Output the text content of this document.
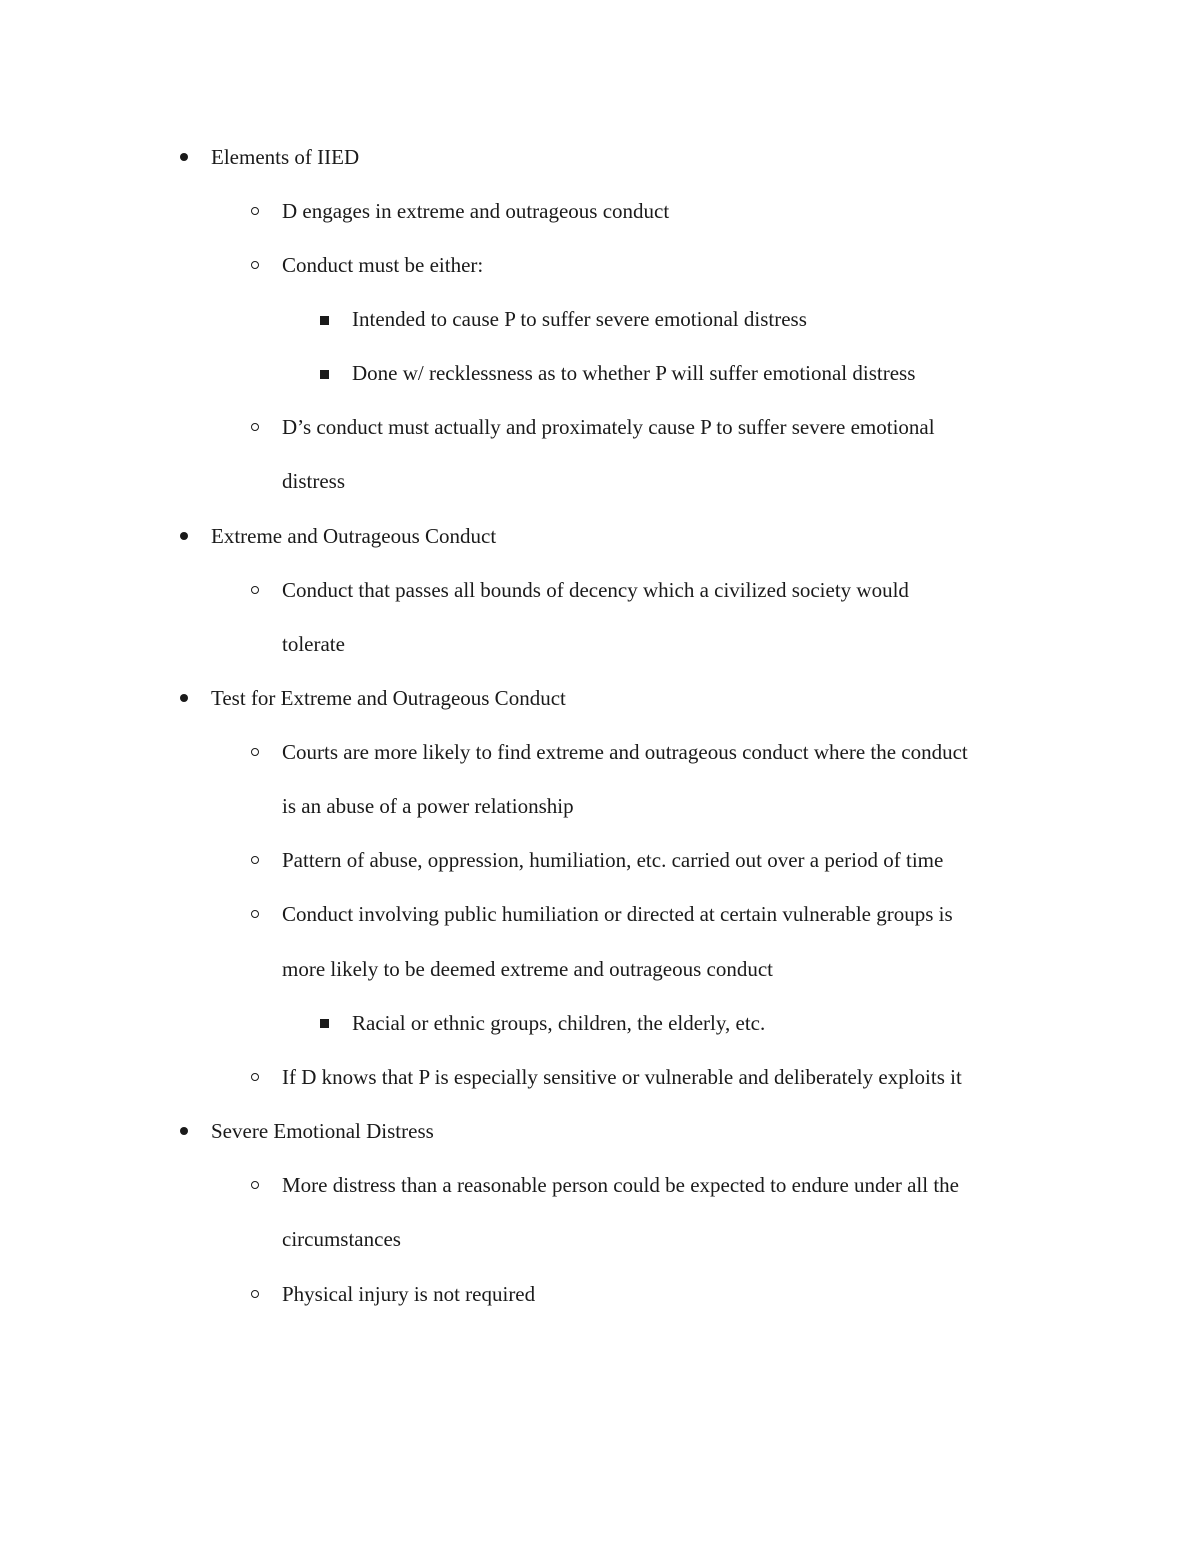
Elements of IIED
D engages in extreme and outrageous conduct
Conduct must be either:
Intended to cause P to suffer severe emotional distress
Done w/ recklessness as to whether P will suffer emotional distress
D’s conduct must actually and proximately cause P to suffer severe emotional
distress
Extreme and Outrageous Conduct
Conduct that passes all bounds of decency which a civilized society would
tolerate
Test for Extreme and Outrageous Conduct
Courts are more likely to find extreme and outrageous conduct where the conduct
is an abuse of a power relationship
Pattern of abuse, oppression, humiliation, etc. carried out over a period of time
Conduct involving public humiliation or directed at certain vulnerable groups is
more likely to be deemed extreme and outrageous conduct
Racial or ethnic groups, children, the elderly, etc.
If D knows that P is especially sensitive or vulnerable and deliberately exploits it
Severe Emotional Distress
More distress than a reasonable person could be expected to endure under all the
circumstances
Physical injury is not required
